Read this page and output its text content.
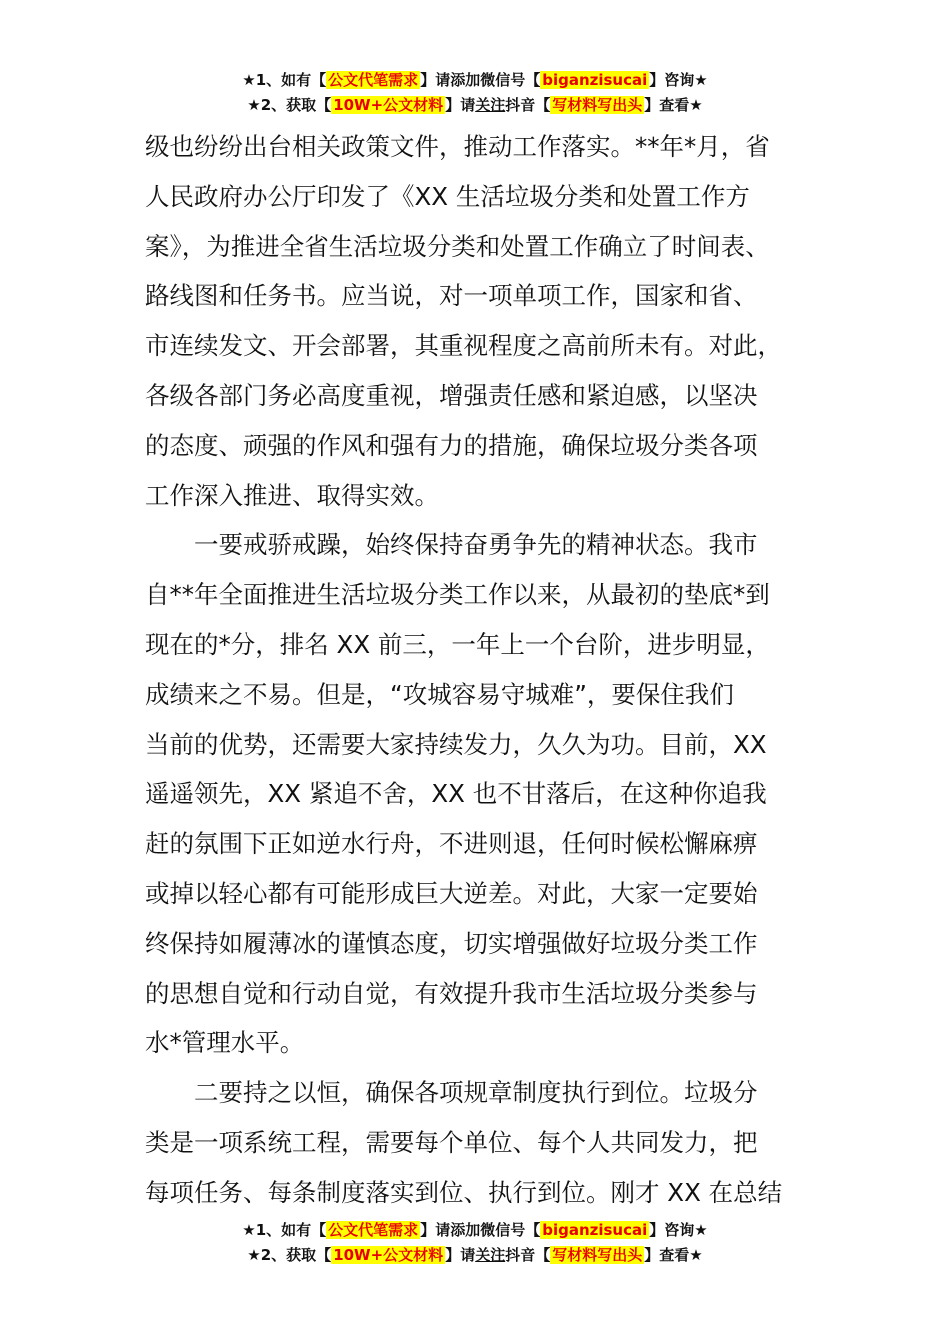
★1、如有【 公文代笔需求 】请添加微信号【 biganzisucai 】咨询★
★2、获取【 10W+公文材料 】请关注抖音【 写材料写出头 】查看★
级也纷纷出台相关政策文件，推动工作落实。**年*月，省
人民政府办公厅印发了《XX 生活垃圾分类和处置工作方
案》，为推进全省生活垃圾分类和处置工作确立了时间表、
路线图和任务书。应当说，对一项单项工作，国家和省、
市连续发文、开会部署，其重视程度之高前所未有。对此，
各级各部门务必高度重视，增强责任感和紧迫感，以坚决
的态度、顽强的作风和强有力的措施，确保垃圾分类各项
工作深入推进、取得实效。
一要戒骄戒躁，始终保持奋勇争先的精神状态。我市
自**年全面推进生活垃圾分类工作以来，从最初的垫底*到
现在的*分，排名 XX 前三，一年上一个台阶，进步明显，
成绩来之不易。但是，“攻城容易守城难”，要保住我们
当前的优势，还需要大家持续发力，久久为功。目前，XX
遥遥领先，XX 紧追不舍，XX 也不甘落后，在这种你追我
赶的氛围下正如逆水行舟，不进则退，任何时候松懈麻痹
或掉以轻心都有可能形成巨大逆差。对此，大家一定要始
终保持如履薄冰的谨慎态度，切实增强做好垃圾分类工作
的思想自觉和行动自觉，有效提升我市生活垃圾分类参与
水*管理水平。
二要持之以恒，确保各项规章制度执行到位。垃圾分
类是一项系统工程，需要每个单位、每个人共同发力，把
每项任务、每条制度落实到位、执行到位。刚才 XX 在总结
★1、如有【 公文代笔需求 】请添加微信号【 biganzisucai 】咨询★
★2、获取【 10W+公文材料 】请关注抖音【 写材料写出头 】查看★
